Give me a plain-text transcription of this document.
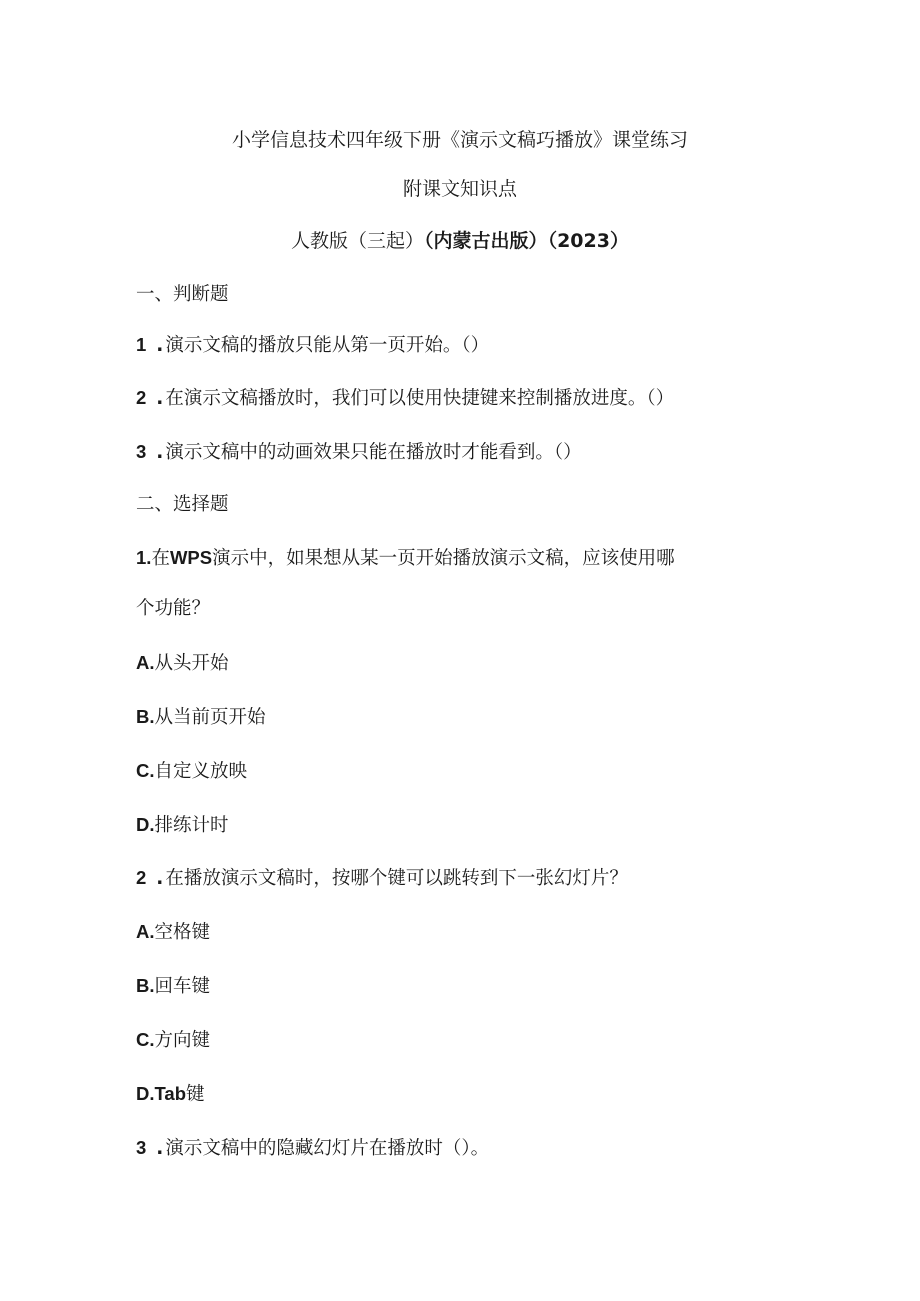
小学信息技术四年级下册《演示文稿巧播放》课堂练习
附课文知识点
人教版（三起）（内蒙古出版）（2023）
一、判断题
1 . 演示文稿的播放只能从第一页开始。（）
2 . 在演示文稿播放时，我们可以使用快捷键来控制播放进度。（）
3 . 演示文稿中的动画效果只能在播放时才能看到。（）
二、选择题
1.在WPS演示中，如果想从某一页开始播放演示文稿，应该使用哪
个功能？
A.从头开始
B.从当前页开始
C.自定义放映
D.排练计时
2 . 在播放演示文稿时，按哪个键可以跳转到下一张幻灯片？
A.空格键
B.回车键
C.方向键
D.Tab键
3 . 演示文稿中的隐藏幻灯片在播放时（）。
